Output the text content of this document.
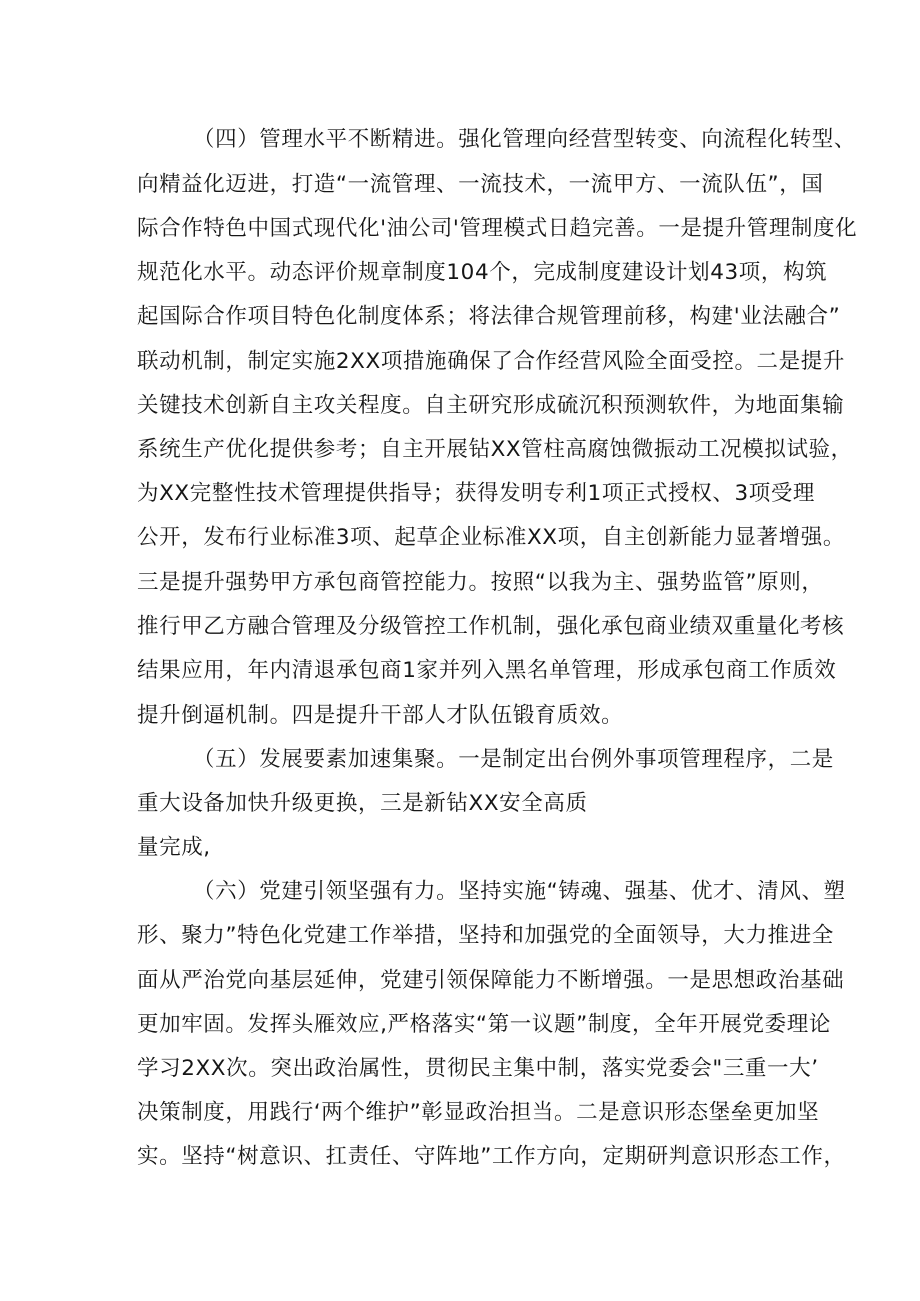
（四）管理水平不断精进。强化管理向经营型转变、向流程化转型、
向精益化迈进，打造“一流管理、一流技术，一流甲方、一流队伍”，国
际合作特色中国式现代化'油公司'管理模式日趋完善。一是提升管理制度化
规范化水平。动态评价规章制度104个，完成制度建设计划43项，构筑
起国际合作项目特色化制度体系；将法律合规管理前移，构建'业法融合”
联动机制，制定实施2XX项措施确保了合作经营风险全面受控。二是提升
关键技术创新自主攻关程度。自主研究形成硫沉积预测软件，为地面集输
系统生产优化提供参考；自主开展钻XX管柱高腐蚀微振动工况模拟试验，
为XX完整性技术管理提供指导；获得发明专利1项正式授权、3项受理
公开，发布行业标准3项、起草企业标准XX项，自主创新能力显著增强。
三是提升强势甲方承包商管控能力。按照“以我为主、强势监管”原则，
推行甲乙方融合管理及分级管控工作机制，强化承包商业绩双重量化考核
结果应用，年内清退承包商1家并列入黑名单管理，形成承包商工作质效
提升倒逼机制。四是提升干部人才队伍锻育质效。
（五）发展要素加速集聚。一是制定出台例外事项管理程序，二是
重大设备加快升级更换，三是新钻XX安全高质
量完成,
（六）党建引领坚强有力。坚持实施“铸魂、强基、优才、清风、塑
形、聚力”特色化党建工作举措，坚持和加强党的全面领导，大力推进全
面从严治党向基层延伸，党建引领保障能力不断增强。一是思想政治基础
更加牢固。发挥头雁效应,严格落实“第一议题”制度，全年开展党委理论
学习2XX次。突出政治属性，贯彻民主集中制，落实党委会"三重一大’
决策制度，用践行‘两个维护”彰显政治担当。二是意识形态堡垒更加坚
实。坚持“树意识、扛责任、守阵地”工作方向，定期研判意识形态工作，
